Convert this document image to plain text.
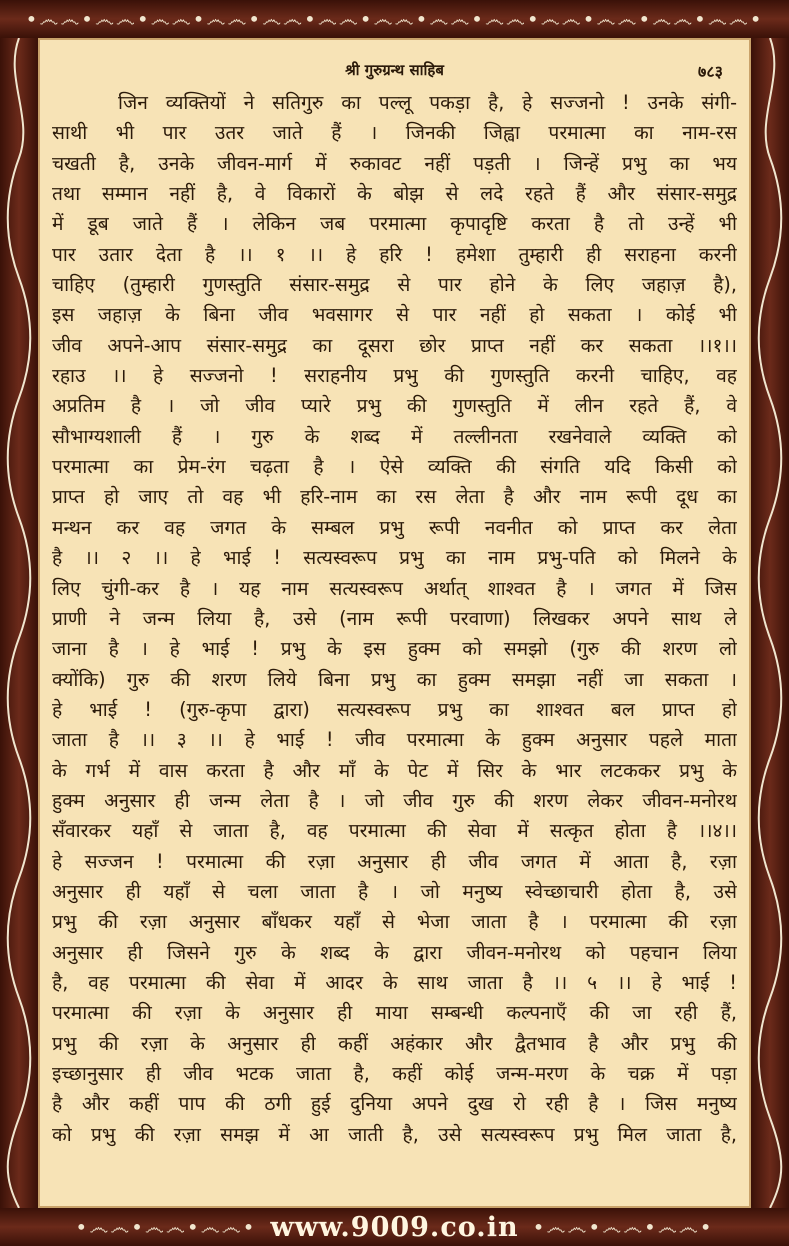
•෴෴•෴෴•෴෴•෴෴•෴෴•෴෴•෴෴•෴෴•෴෴•෴෴•෴෴•෴෴•෴෴•
•෴෴•෴෴•෴෴• www.9009.co.in •෴෴•෴෴•෴෴•
श्री गुरुग्रन्थ साहिब	७८३
जिन व्यक्तियों ने सतिगुरु का पल्लू पकड़ा है, हे सज्जनो ! उनके संगी-
साथी भी पार उतर जाते हैं । जिनकी जिह्वा परमात्मा का नाम-रस
चखती है, उनके जीवन-मार्ग में रुकावट नहीं पड़ती । जिन्हें प्रभु का भय
तथा सम्मान नहीं है, वे विकारों के बोझ से लदे रहते हैं और संसार-समुद्र
में डूब जाते हैं । लेकिन जब परमात्मा कृपादृष्टि करता है तो उन्हें भी
पार उतार देता है ।। १ ।। हे हरि ! हमेशा तुम्हारी ही सराहना करनी
चाहिए (तुम्हारी गुणस्तुति संसार-समुद्र से पार होने के लिए जहाज़ है),
इस जहाज़ के बिना जीव भवसागर से पार नहीं हो सकता । कोई भी
जीव अपने-आप संसार-समुद्र का दूसरा छोर प्राप्त नहीं कर सकता ।।१।।
रहाउ ।। हे सज्जनो ! सराहनीय प्रभु की गुणस्तुति करनी चाहिए, वह
अप्रतिम है । जो जीव प्यारे प्रभु की गुणस्तुति में लीन रहते हैं, वे
सौभाग्यशाली हैं । गुरु के शब्द में तल्लीनता रखनेवाले व्यक्ति को
परमात्मा का प्रेम-रंग चढ़ता है । ऐसे व्यक्ति की संगति यदि किसी को
प्राप्त हो जाए तो वह भी हरि-नाम का रस लेता है और नाम रूपी दूध का
मन्थन कर वह जगत के सम्बल प्रभु रूपी नवनीत को प्राप्त कर लेता
है ।। २ ।। हे भाई ! सत्यस्वरूप प्रभु का नाम प्रभु-पति को मिलने के
लिए चुंगी-कर है । यह नाम सत्यस्वरूप अर्थात् शाश्वत है । जगत में जिस
प्राणी ने जन्म लिया है, उसे (नाम रूपी परवाणा) लिखकर अपने साथ ले
जाना है । हे भाई ! प्रभु के इस हुक्म को समझो (गुरु की शरण लो
क्योंकि) गुरु की शरण लिये बिना प्रभु का हुक्म समझा नहीं जा सकता ।
हे भाई ! (गुरु-कृपा द्वारा) सत्यस्वरूप प्रभु का शाश्वत बल प्राप्त हो
जाता है ।। ३ ।। हे भाई ! जीव परमात्मा के हुक्म अनुसार पहले माता
के गर्भ में वास करता है और माँ के पेट में सिर के भार लटककर प्रभु के
हुक्म अनुसार ही जन्म लेता है । जो जीव गुरु की शरण लेकर जीवन-मनोरथ
सँवारकर यहाँ से जाता है, वह परमात्मा की सेवा में सत्कृत होता है ।।४।।
हे सज्जन ! परमात्मा की रज़ा अनुसार ही जीव जगत में आता है, रज़ा
अनुसार ही यहाँ से चला जाता है । जो मनुष्य स्वेच्छाचारी होता है, उसे
प्रभु की रज़ा अनुसार बाँधकर यहाँ से भेजा जाता है । परमात्मा की रज़ा
अनुसार ही जिसने गुरु के शब्द के द्वारा जीवन-मनोरथ को पहचान लिया
है, वह परमात्मा की सेवा में आदर के साथ जाता है ।। ५ ।। हे भाई !
परमात्मा की रज़ा के अनुसार ही माया सम्बन्धी कल्पनाएँ की जा रही हैं,
प्रभु की रज़ा के अनुसार ही कहीं अहंकार और द्वैतभाव है और प्रभु की
इच्छानुसार ही जीव भटक जाता है, कहीं कोई जन्म-मरण के चक्र में पड़ा
है और कहीं पाप की ठगी हुई दुनिया अपने दुख रो रही है । जिस मनुष्य
को प्रभु की रज़ा समझ में आ जाती है, उसे सत्यस्वरूप प्रभु मिल जाता है,
